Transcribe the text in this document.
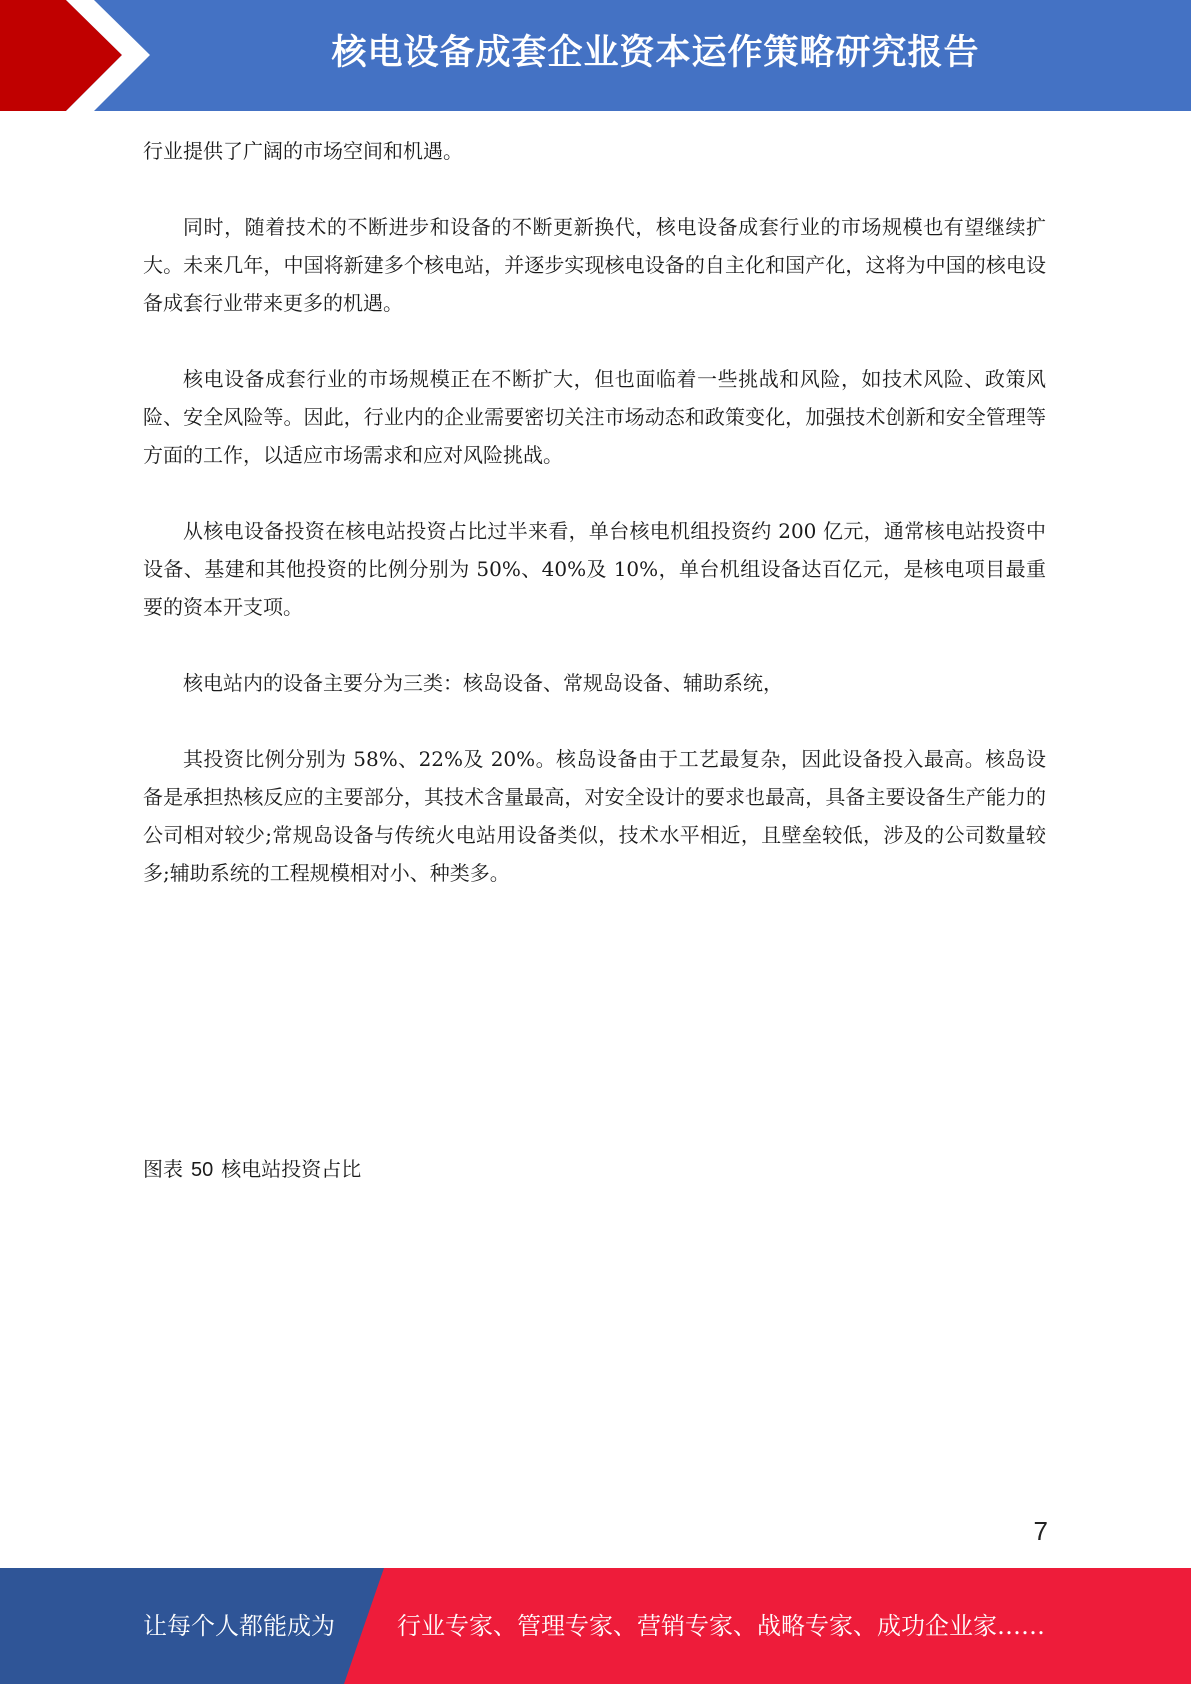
核电设备成套企业资本运作策略研究报告

行业提供了广阔的市场空间和机遇。

同时，随着技术的不断进步和设备的不断更新换代，核电设备成套行业的市场规模也有望继续扩大。未来几年，中国将新建多个核电站，并逐步实现核电设备的自主化和国产化，这将为中国的核电设备成套行业带来更多的机遇。

核电设备成套行业的市场规模正在不断扩大，但也面临着一些挑战和风险，如技术风险、政策风险、安全风险等。因此，行业内的企业需要密切关注市场动态和政策变化，加强技术创新和安全管理等方面的工作，以适应市场需求和应对风险挑战。

从核电设备投资在核电站投资占比过半来看，单台核电机组投资约 200 亿元，通常核电站投资中设备、基建和其他投资的比例分别为 50%、40%及 10%，单台机组设备达百亿元，是核电项目最重要的资本开支项。

核电站内的设备主要分为三类：核岛设备、常规岛设备、辅助系统，

其投资比例分别为 58%、22%及 20%。核岛设备由于工艺最复杂，因此设备投入最高。核岛设备是承担热核反应的主要部分，其技术含量最高，对安全设计的要求也最高，具备主要设备生产能力的公司相对较少;常规岛设备与传统火电站用设备类似，技术水平相近，且壁垒较低，涉及的公司数量较多;辅助系统的工程规模相对小、种类多。

图表 50 核电站投资占比
7
让每个人都能成为	行业专家、管理专家、营销专家、战略专家、成功企业家……
